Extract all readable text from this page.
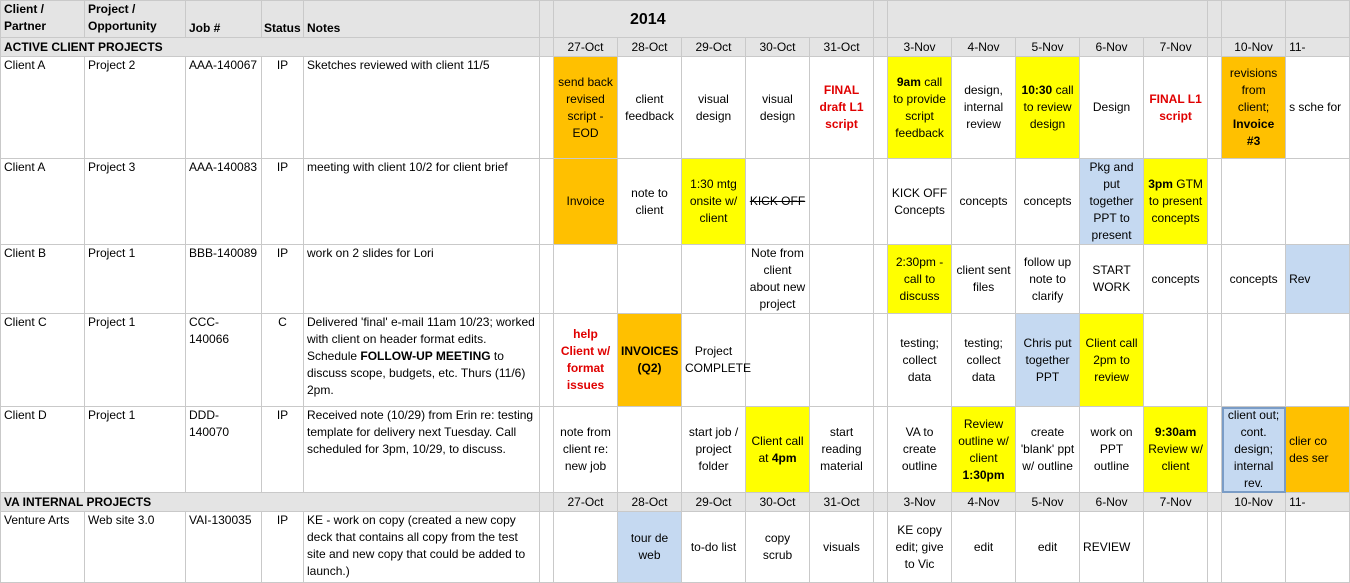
Client / Partner	Project / Opportunity	Job #	Status	Notes		2014													
ACTIVE CLIENT PROJECTS						27-Oct	28-Oct	29-Oct	30-Oct	31-Oct		3-Nov	4-Nov	5-Nov	6-Nov	7-Nov		10-Nov	11-
Client A	Project 2	AAA-140067	IP	Sketches reviewed with client 11/5		send back revised script - EOD	client feedback	visual design	visual design	FINAL draft L1 script		9am call to provide script feedback	design, internal review	10:30 call to review design	Design	FINAL L1 script		revisions from client; Invoice #3	s sche for
Client A	Project 3	AAA-140083	IP	meeting with client 10/2 for client brief		Invoice	note to client	1:30 mtg onsite w/ client	KICK OFF			KICK OFF Concepts	concepts	concepts	Pkg and put together PPT to present	3pm GTM to present concepts			
Client B	Project 1	BBB-140089	IP	work on 2 slides for Lori					Note from client about new project			2:30pm - call to discuss	client sent files	follow up note to clarify	START WORK	concepts		concepts	Rev
Client C	Project 1	CCC-140066	C	Delivered 'final' e-mail 11am 10/23; worked with client on header format edits.
Schedule FOLLOW-UP MEETING to discuss scope, budgets, etc. Thurs (11/6) 2pm.		help Client w/ format issues	INVOICES (Q2)	Project COMPLETE				testing; collect data	testing; collect data	Chris put together PPT	Client call 2pm to review				
Client D	Project 1	DDD-140070	IP	Received note (10/29) from Erin re: testing template for delivery next Tuesday. Call scheduled for 3pm, 10/29, to discuss.		note from client re: new job		start job / project folder	Client call at 4pm	start reading material		VA to create outline	Review outline w/ client 1:30pm	create 'blank' ppt w/ outline	work on PPT outline	9:30am Review w/ client		client out; cont. design; internal rev.	clier co des ser
VA INTERNAL PROJECTS						27-Oct	28-Oct	29-Oct	30-Oct	31-Oct		3-Nov	4-Nov	5-Nov	6-Nov	7-Nov		10-Nov	11-
Venture Arts	Web site 3.0	VAI-130035	IP	KE - work on copy (created a new copy deck that contains all copy from the test site and new copy that could be added to launch.)			tour de web	to-do list	copy scrub	visuals		KE copy edit; give to Vic	edit	edit	REVIEW				
